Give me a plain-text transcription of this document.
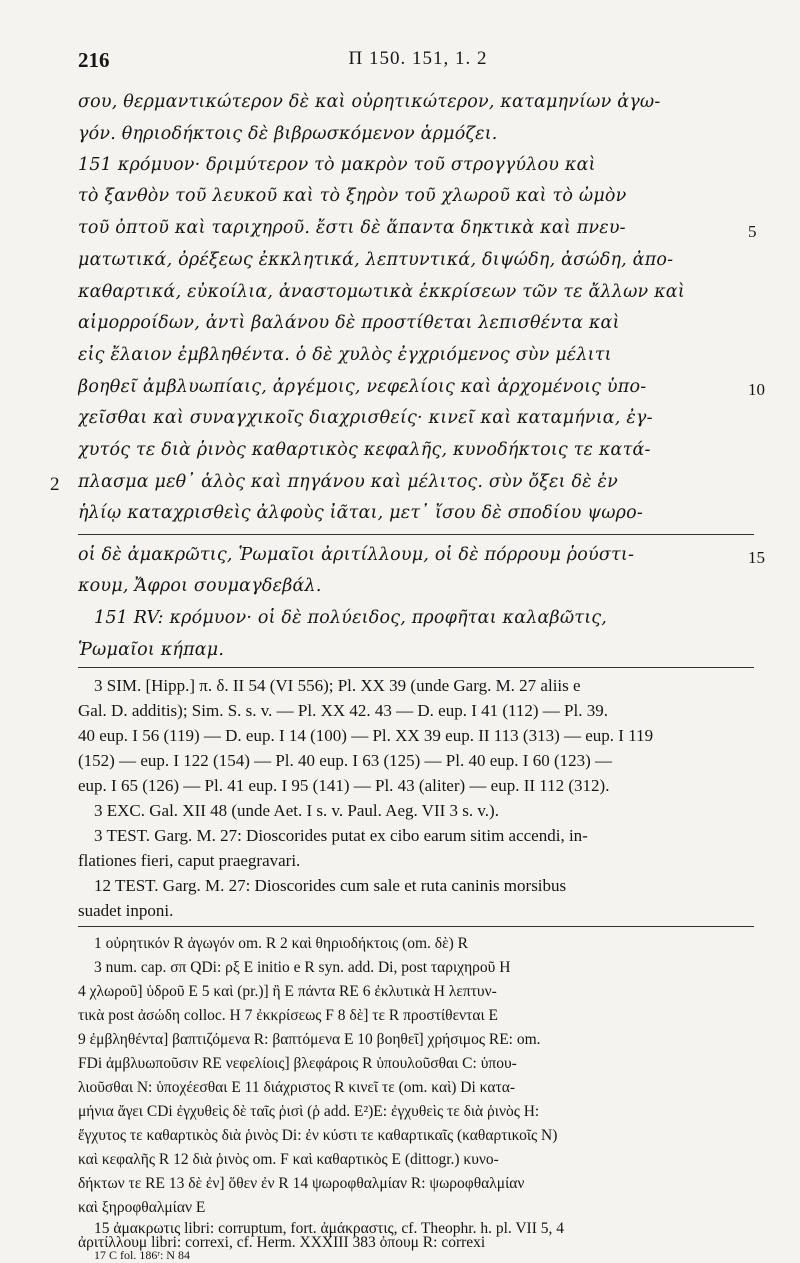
216	Π 150. 151, 1. 2
σου, θερμαντικώτερον δὲ καὶ οὐρητικώτερον, καταμηνίων ἀγω-
γόν. θηριοδήκτοις δὲ βιβρωσκόμενον ἁρμόζει.
151 κρόμυον· δριμύτερον τὸ μακρὸν τοῦ στρογγύλου καὶ
τὸ ξανθὸν τοῦ λευκοῦ καὶ τὸ ξηρὸν τοῦ χλωροῦ καὶ τὸ ὠμὸν
τοῦ ὀπτοῦ καὶ ταριχηροῦ. ἔστι δὲ ἅπαντα δηκτικὰ καὶ πνευ-
ματωτικά, ὀρέξεως ἐκκλητικά, λεπτυντικά, διψώδη, ἀσώδη, ἀπο-
καθαρτικά, εὐκοίλια, ἀναστομωτικὰ ἐκκρίσεων τῶν τε ἄλλων καὶ
αἱμορροίδων, ἀντὶ βαλάνου δὲ προστίθεται λεπισθέντα καὶ
εἰς ἔλαιον ἐμβληθέντα. ὁ δὲ χυλὸς ἐγχριόμενος σὺν μέλιτι
βοηθεῖ ἀμβλυωπίαις, ἀργέμοις, νεφελίοις καὶ ἀρχομένοις ὑπο-
χεῖσθαι καὶ συναγχικοῖς διαχρισθείς· κινεῖ καὶ καταμήνια, ἐγ-
χυτός τε διὰ ῥινὸς καθαρτικὸς κεφαλῆς, κυνοδήκτοις τε κατά-
πλασμα μεθ᾿ ἁλὸς καὶ πηγάνου καὶ μέλιτος. σὺν ὄξει δὲ ἐν
ἡλίῳ καταχρισθεὶς ἀλφοὺς ἰᾶται, μετ᾿ ἴσου δὲ σποδίου ψωρο-
5
10
2
οἱ δὲ ἀμακρῶτις, Ῥωμαῖοι ἀριτίλλουμ, οἱ δὲ πόρρουμ ῥούστι-	15
κουμ, Ἄφροι σουμαγδεβάλ.
151 RV: κρόμυον· οἱ δὲ πολύειδος, προφῆται καλαβῶτις,
Ῥωμαῖοι κήπαμ.
3 SIM. [Hipp.] π. δ. II 54 (VI 556); Pl. XX 39 (unde Garg. M. 27 aliis e
Gal. D. additis); Sim. S. s. v. — Pl. XX 42. 43 — D. eup. I 41 (112) — Pl. 39.
40 eup. I 56 (119) — D. eup. I 14 (100) — Pl. XX 39 eup. II 113 (313) — eup. I 119
(152) — eup. I 122 (154) — Pl. 40 eup. I 63 (125) — Pl. 40 eup. I 60 (123) —
eup. I 65 (126) — Pl. 41 eup. I 95 (141) — Pl. 43 (aliter) — eup. II 112 (312).
3 EXC. Gal. XII 48 (unde Aet. I s. v. Paul. Aeg. VII 3 s. v.).
3 TEST. Garg. M. 27: Dioscorides putat ex cibo earum sitim accendi, in-
flationes fieri, caput praegravari.
12 TEST. Garg. M. 27: Dioscorides cum sale et ruta caninis morsibus
suadet inponi.
1 οὐρητικόν R ἀγωγόν om. R 2 καὶ θηριοδήκτοις (om. δὲ) R
3 num. cap. σπ QDi: ρξ E initio e R syn. add. Di, post ταριχηροῦ H
4 χλωροῦ] ὑδροῦ E 5 καὶ (pr.)] ἢ E πάντα RE 6 ἐκλυτικὰ H λεπτυν-
τικὰ post ἀσώδη colloc. H 7 ἐκκρίσεως F 8 δὲ] τε R προστίθενται E
9 ἐμβληθέντα] βαπτιζόμενα R: βαπτόμενα E 10 βοηθεῖ] χρήσιμος RE: om.
FDi ἀμβλυωποῦσιν RE νεφελίοις] βλεφάροις R ὑπουλοῦσθαι C: ὑπου-
λιοῦσθαι N: ὑποχέεσθαι E 11 διάχριστος R κινεῖ τε (om. καὶ) Di κατα-
μήνια ἄγει CDi ἐγχυθεὶς δὲ ταῖς ῥισὶ (ῥ add. E²)E: ἐγχυθεὶς τε διὰ ῥινὸς H:
ἔγχυτος τε καθαρτικὸς διὰ ῥινὸς Di: ἐν κύστι τε καθαρτικαῖς (καθαρτικοῖς N)
καὶ κεφαλῆς R 12 διὰ ῥινὸς om. F καὶ καθαρτικὸς E (dittogr.) κυνο-
δήκτων τε RE 13 δὲ ἐν] ὅθεν ἐν R 14 ψωροφθαλμίαν R: ψωροφθαλμίαν
καὶ ξηροφθαλμίαν E
15 ἀμακρωτις libri: corruptum, fort. ἀμάκραστις, cf. Theophr. h. pl. VII 5, 4
ἀριτίλλουμ libri: correxi, cf. Herm. XXXIII 383 ὀπουμ R: correxi
17 C fol. 186ʳ: N 84
